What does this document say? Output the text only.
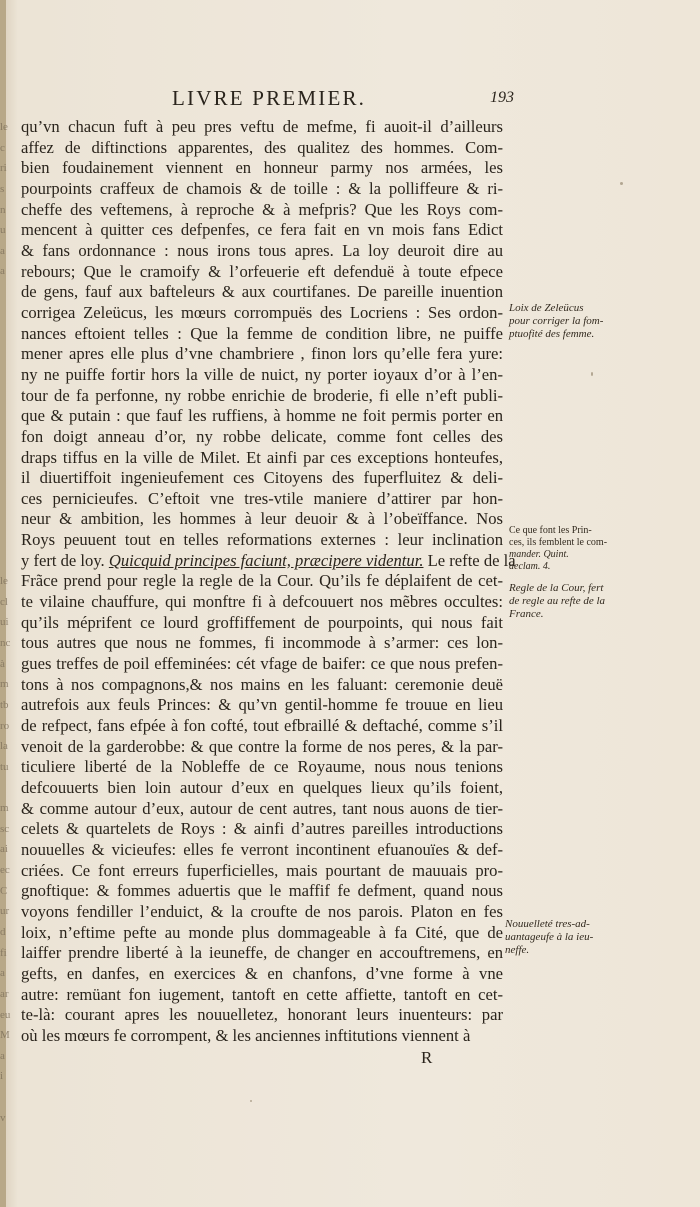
LIVRE PREMIER.	193
le
c
ri
s
n
u
a
a
le
cl
ui
nc
à
m
tb
ro
la
tu
m
sc
ai
ec
C
ur
d
fi
a
ar
eu
M
a
i
v
qu’vn chacun fuft à peu pres veftu de mefme, fi auoit-il d’ailleurs
affez de diftinctions apparentes, des qualitez des hommes. Com-
bien foudainement viennent en honneur parmy nos armées, les
pourpoints craffeux de chamois & de toille : & la polliffeure & ri-
cheffe des veftemens, à reproche & à mefpris? Que les Roys com-
mencent à quitter ces defpenfes, ce fera fait en vn mois fans Edict
& fans ordonnance : nous irons tous apres. La loy deuroit dire au
rebours; Que le cramoify & l’orfeuerie eft defenduë à toute efpece
de gens, fauf aux bafteleurs & aux courtifanes. De pareille inuention
corrigea Zeleücus, les mœurs corrompuës des Locriens : Ses ordon-
nances eftoient telles : Que la femme de condition libre, ne puiffe
mener apres elle plus d’vne chambriere , finon lors qu’elle fera yure:
ny ne puiffe fortir hors la ville de nuict, ny porter ioyaux d’or à l’en-
tour de fa perfonne, ny robbe enrichie de broderie, fi elle n’eft publi-
que & putain : que fauf les ruffiens, à homme ne foit permis porter en
fon doigt anneau d’or, ny robbe delicate, comme font celles des
draps tiffus en la ville de Milet. Et ainfi par ces exceptions honteufes,
il diuertiffoit ingenieufement ces Citoyens des fuperfluitez & deli-
ces pernicieufes. C’eftoit vne tres-vtile maniere d’attirer par hon-
neur & ambition, les hommes à leur deuoir & à l’obeïffance. Nos
Roys peuuent tout en telles reformations externes : leur inclination
y fert de loy. Quicquid principes faciunt, præcipere videntur. Le refte de la
Frãce prend pour regle la regle de la Cour. Qu’ils fe déplaifent de cet-
te vilaine chauffure, qui monftre fi à defcouuert nos mẽbres occultes:
qu’ils méprifent ce lourd groffiffement de pourpoints, qui nous fait
tous autres que nous ne fommes, fi incommode à s’armer: ces lon-
gues treffes de poil effeminées: cét vfage de baifer: ce que nous prefen-
tons à nos compagnons,& nos mains en les faluant: ceremonie deuë
autrefois aux feuls Princes: & qu’vn gentil-homme fe trouue en lieu
de refpect, fans efpée à fon cofté, tout efbraillé & deftaché, comme s’il
venoit de la garderobbe: & que contre la forme de nos peres, & la par-
ticuliere liberté de la Nobleffe de ce Royaume, nous nous tenions
defcouuerts bien loin autour d’eux en quelques lieux qu’ils foient,
& comme autour d’eux, autour de cent autres, tant nous auons de tier-
celets & quartelets de Roys : & ainfi d’autres pareilles introductions
nouuelles & vicieufes: elles fe verront incontinent efuanouïes & def-
criées. Ce font erreurs fuperficielles, mais pourtant de mauuais pro-
gnoftique: & fommes aduertis que le maffif fe defment, quand nous
voyons fendiller l’enduict, & la croufte de nos parois. Platon en fes
loix, n’eftime pefte au monde plus dommageable à fa Cité, que de
laiffer prendre liberté à la ieuneffe, de changer en accouftremens, en
gefts, en danfes, en exercices & en chanfons, d’vne forme à vne
autre: remüant fon iugement, tantoft en cette affiette, tantoft en cet-
te-là: courant apres les nouuelletez, honorant leurs inuenteurs: par
où les mœurs fe corrompent, & les anciennes inftitutions viennent à
Loix de Zeleücus
pour corriger la fom-
ptuofité des femme.
Ce que font les Prin-
ces, ils femblent le com-
mander. Quint.
declam. 4.
Regle de la Cour, fert
de regle au refte de la
France.
Nouuelleté tres-ad-
uantageufe à la ieu-
neffe.
R
